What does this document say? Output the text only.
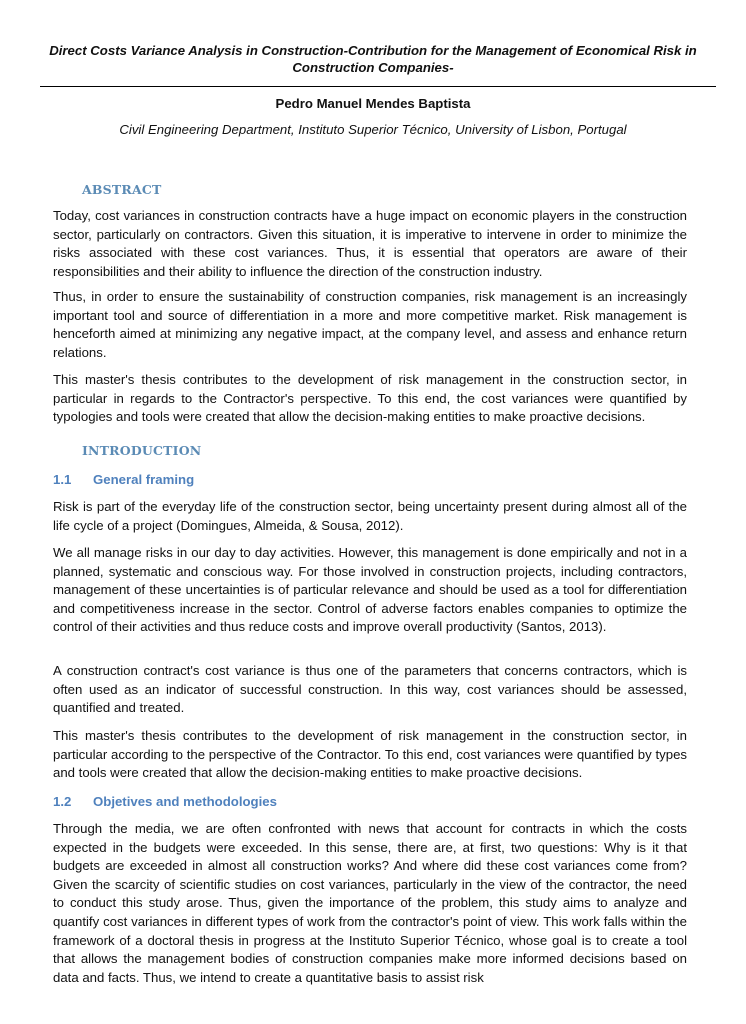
Direct Costs Variance Analysis in Construction-Contribution for the Management of Economical Risk in Construction Companies-
Pedro Manuel Mendes Baptista
Civil Engineering Department, Instituto Superior Técnico, University of Lisbon, Portugal
ABSTRACT
Today, cost variances in construction contracts have a huge impact on economic players in the construction sector, particularly on contractors. Given this situation, it is imperative to intervene in order to minimize the risks associated with these cost variances. Thus, it is essential that operators are aware of their responsibilities and their ability to influence the direction of the construction industry.
Thus, in order to ensure the sustainability of construction companies, risk management is an increasingly important tool and source of differentiation in a more and more competitive market. Risk management is henceforth aimed at minimizing any negative impact, at the company level, and assess and enhance return relations.
This master's thesis contributes to the development of risk management in the construction sector, in particular in regards to the Contractor's perspective. To this end, the cost variances were quantified by typologies and tools were created that allow the decision-making entities to make proactive decisions.
INTRODUCTION
1.1	General framing
Risk is part of the everyday life of the construction sector, being uncertainty present during almost all of the life cycle of a project (Domingues, Almeida, & Sousa, 2012).
We all manage risks in our day to day activities. However, this management is done empirically and not in a planned, systematic and conscious way. For those involved in construction projects, including contractors, management of these uncertainties is of particular relevance and should be used as a tool for differentiation and competitiveness increase in the sector. Control of adverse factors enables companies to optimize the control of their activities and thus reduce costs and improve overall productivity (Santos, 2013).
A construction contract's cost variance is thus one of the parameters that concerns contractors, which is often used as an indicator of successful construction. In this way, cost variances should be assessed, quantified and treated.
This master's thesis contributes to the development of risk management in the construction sector, in particular according to the perspective of the Contractor. To this end, cost variances were quantified by types and tools were created that allow the decision-making entities to make proactive decisions.
1.2	Objetives and methodologies
Through the media, we are often confronted with news that account for contracts in which the costs expected in the budgets were exceeded. In this sense, there are, at first, two questions: Why is it that budgets are exceeded in almost all construction works? And where did these cost variances come from? Given the scarcity of scientific studies on cost variances, particularly in the view of the contractor, the need to conduct this study arose. Thus, given the importance of the problem, this study aims to analyze and quantify cost variances in different types of work from the contractor's point of view. This work falls within the framework of a doctoral thesis in progress at the Instituto Superior Técnico, whose goal is to create a tool that allows the management bodies of construction companies make more informed decisions based on data and facts. Thus, we intend to create a quantitative basis to assist risk
